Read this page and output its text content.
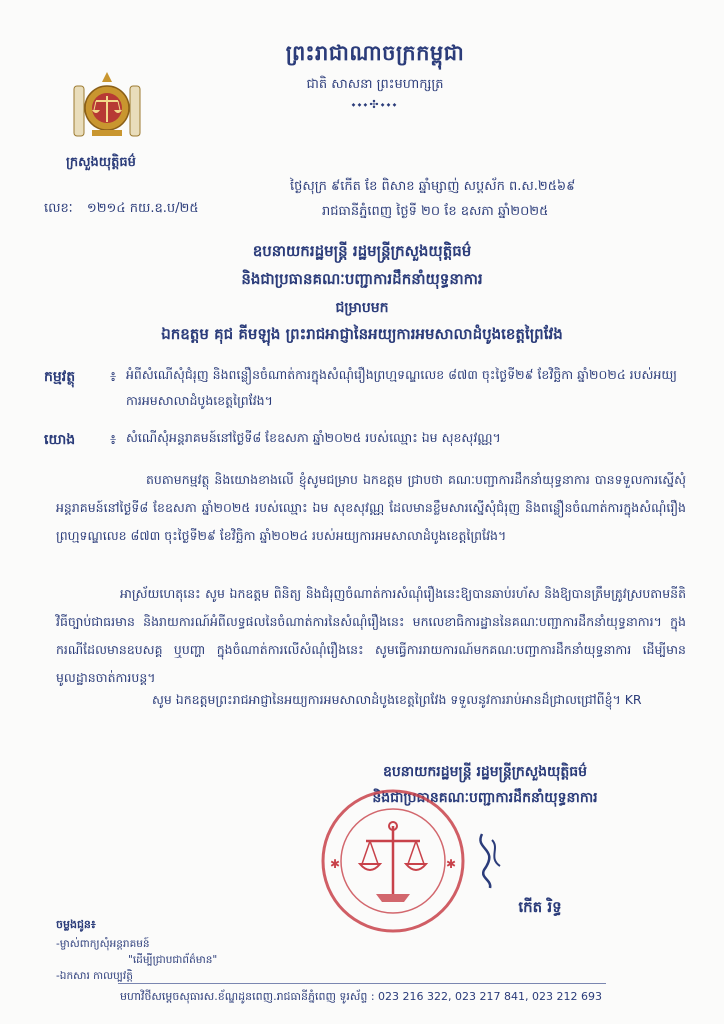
ព្រះរាជាណាចក្រកម្ពុជា
ជាតិ សាសនា ព្រះមហាក្សត្រ
⬩⬩⬩✣⬩⬩⬩
ក្រសួងយុត្តិធម៌
ថ្ងៃសុក្រ ៩កើត ខែ ពិសាខ ឆ្នាំម្សាញ់ សប្តស័ក ព.ស.២៥៦៩
រាជធានីភ្នំពេញ ថ្ងៃទី ២០ ខែ ឧសភា ឆ្នាំ២០២៥
លេខៈ ១២១៤ កយ.ឧ.ប/២៥
ឧបនាយករដ្ឋមន្ត្រី រដ្ឋមន្ត្រីក្រសួងយុត្តិធម៌
និងជាប្រធានគណៈបញ្ជាការដឹកនាំយុទ្ធនាការ
ជម្រាបមក
ឯកឧត្តម គុជ គីមឡុង ព្រះរាជអាជ្ញានៃអយ្យការអមសាលាដំបូងខេត្តព្រៃវែង
កម្មវត្ថុ ៖ អំពីសំណើសុំជំរុញ និងពន្លឿនចំណាត់ការក្នុងសំណុំរឿងព្រហ្មទណ្ឌលេខ ៨៧៣ ចុះថ្ងៃទី២៩ ខែវិច្ឆិកា ឆ្នាំ២០២៤ របស់អយ្យការអមសាលាដំបូងខេត្តព្រៃវែង។
យោង ៖ សំណើសុំអន្តរាគមន៍នៅថ្ងៃទី៨ ខែឧសភា ឆ្នាំ២០២៥ របស់ឈ្មោះ ឯម សុខសុវណ្ណ។
តបតាមកម្មវត្ថុ និងយោងខាងលើ ខ្ញុំសូមជម្រាប ឯកឧត្តម ជ្រាបថា គណៈបញ្ជាការដឹកនាំយុទ្ធនាការ បានទទួលការស្នើសុំ អន្តរាគមន៍នៅថ្ងៃទី៨ ខែឧសភា ឆ្នាំ២០២៥ របស់ឈ្មោះ ឯម សុខសុវណ្ណ ដែលមានខ្លឹមសារស្នើសុំជំរុញ និងពន្លឿនចំណាត់ការក្នុងសំណុំរឿងព្រហ្មទណ្ឌលេខ ៨៧៣ ចុះថ្ងៃទី២៩ ខែវិច្ឆិកា ឆ្នាំ២០២៤ របស់អយ្យការអមសាលាដំបូងខេត្តព្រៃវែង។
អាស្រ័យហេតុនេះ សូម ឯកឧត្តម ពិនិត្យ និងជំរុញចំណាត់ការសំណុំរឿងនេះឱ្យបានឆាប់រហ័ស និងឱ្យបានត្រឹមត្រូវស្របតាមនីតិវិធីច្បាប់ជាធរមាន និងរាយការណ៍អំពីលទ្ធផលនៃចំណាត់ការនៃសំណុំរឿងនេះ មកលេខាធិការដ្ឋាននៃគណៈបញ្ជាការដឹកនាំយុទ្ធនាការ។ ក្នុងករណីដែលមានឧបសគ្គ ឬបញ្ហា ក្នុងចំណាត់ការលើសំណុំរឿងនេះ សូមធ្វើការរាយការណ៍មកគណៈបញ្ជាការដឹកនាំយុទ្ធនាការ ដើម្បីមានមូលដ្ឋានចាត់ការបន្ត។
សូម ឯកឧត្តមព្រះរាជអាជ្ញានៃអយ្យការអមសាលាដំបូងខេត្តព្រៃវែង ទទួលនូវការរាប់អានដ៏ជ្រាលជ្រៅពីខ្ញុំ។ KR
ឧបនាយករដ្ឋមន្ត្រី រដ្ឋមន្ត្រីក្រសួងយុត្តិធម៌
និងជាប្រធានគណៈបញ្ជាការដឹកនាំយុទ្ធនាការ
✱	✱
កើត រិទ្ធ
ចម្លងជូន៖
-ម្ចាស់ពាក្យសុំអន្តរាគមន៍
"ដើម្បីជ្រាបជាព័ត៌មាន"
-ឯកសារ កាលប្បវត្តិ
មហាវិថីសម្តេចសុធារស.ខ័ណ្ឌដូនពេញ.រាជធានីភ្នំពេញ ទូរស័ព្ទ : 023 216 322, 023 217 841, 023 212 693
